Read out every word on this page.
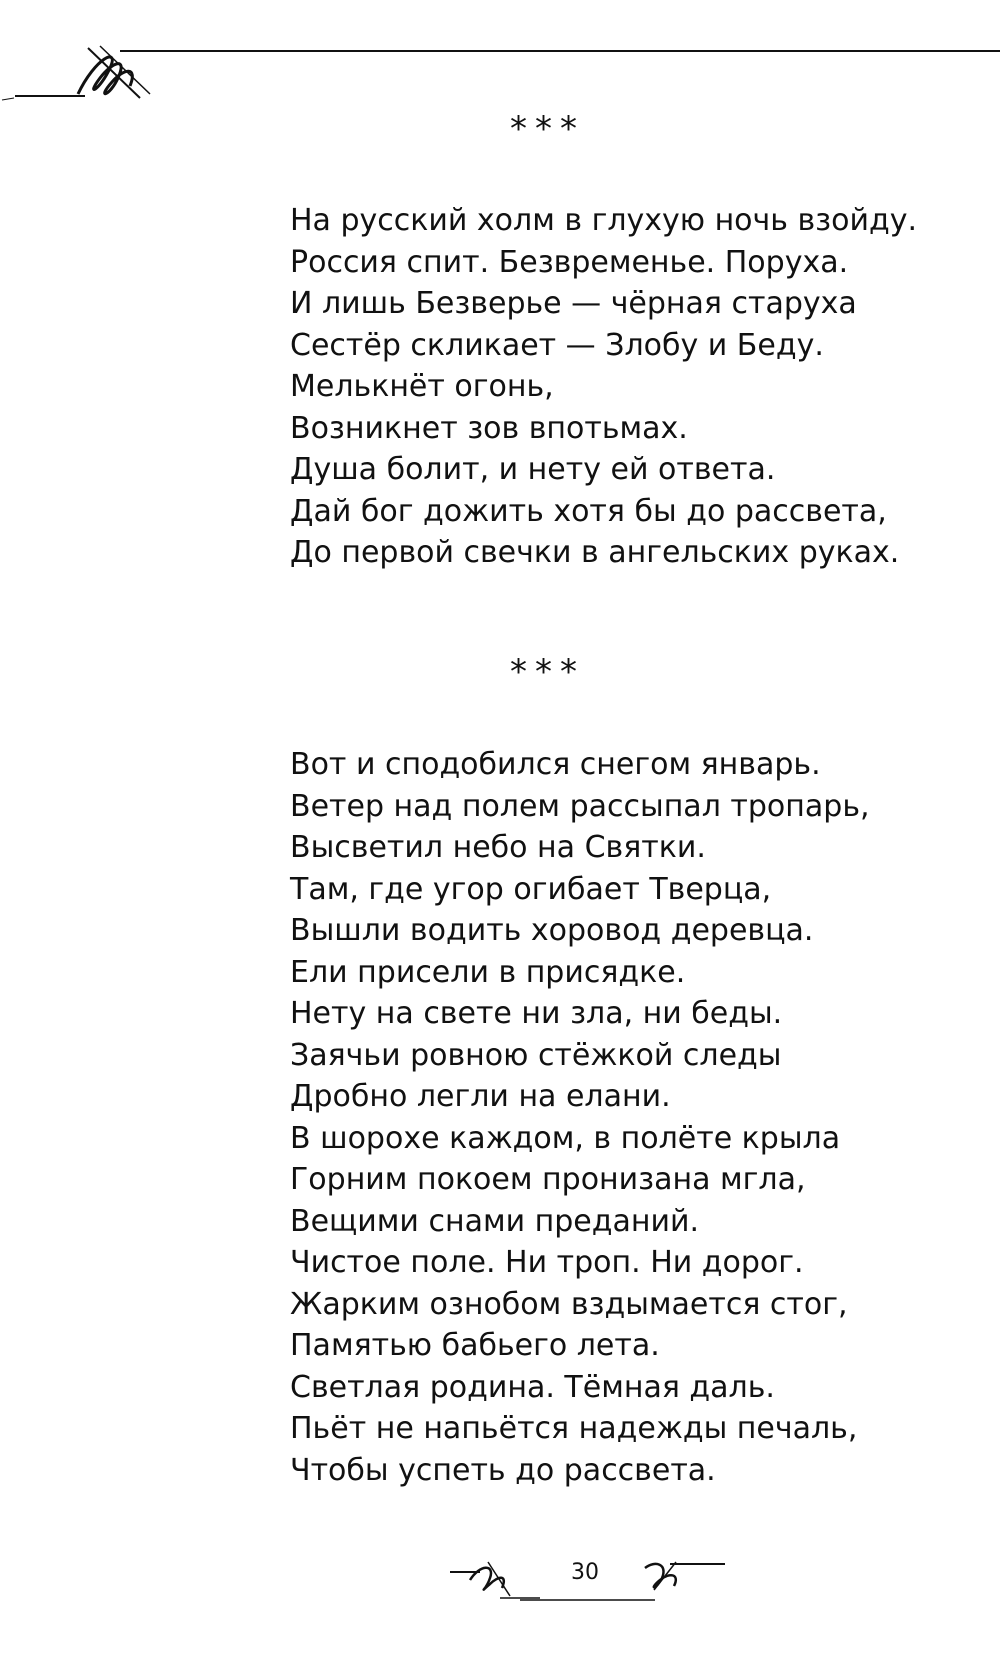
***
На русский холм в глухую ночь взойду.
Россия спит. Безвременье. Поруха.
И лишь Безверье — чёрная старуха
Сестёр скликает — Злобу и Беду.
Мелькнёт огонь,
Возникнет зов впотьмах.
Душа болит, и нету ей ответа.
Дай бог дожить хотя бы до рассвета,
До первой свечки в ангельских руках.
***
Вот и сподобился снегом январь.
Ветер над полем рассыпал тропарь,
Высветил небо на Святки.
Там, где угор огибает Тверца,
Вышли водить хоровод деревца.
Ели присели в присядке.
Нету на свете ни зла, ни беды.
Заячьи ровною стёжкой следы
Дробно легли на елани.
В шорохе каждом, в полёте крыла
Горним покоем пронизана мгла,
Вещими снами преданий.
Чистое поле. Ни троп. Ни дорог.
Жарким ознобом вздымается стог,
Памятью бабьего лета.
Светлая родина. Тёмная даль.
Пьёт не напьётся надежды печаль,
Чтобы успеть до рассвета.
30
